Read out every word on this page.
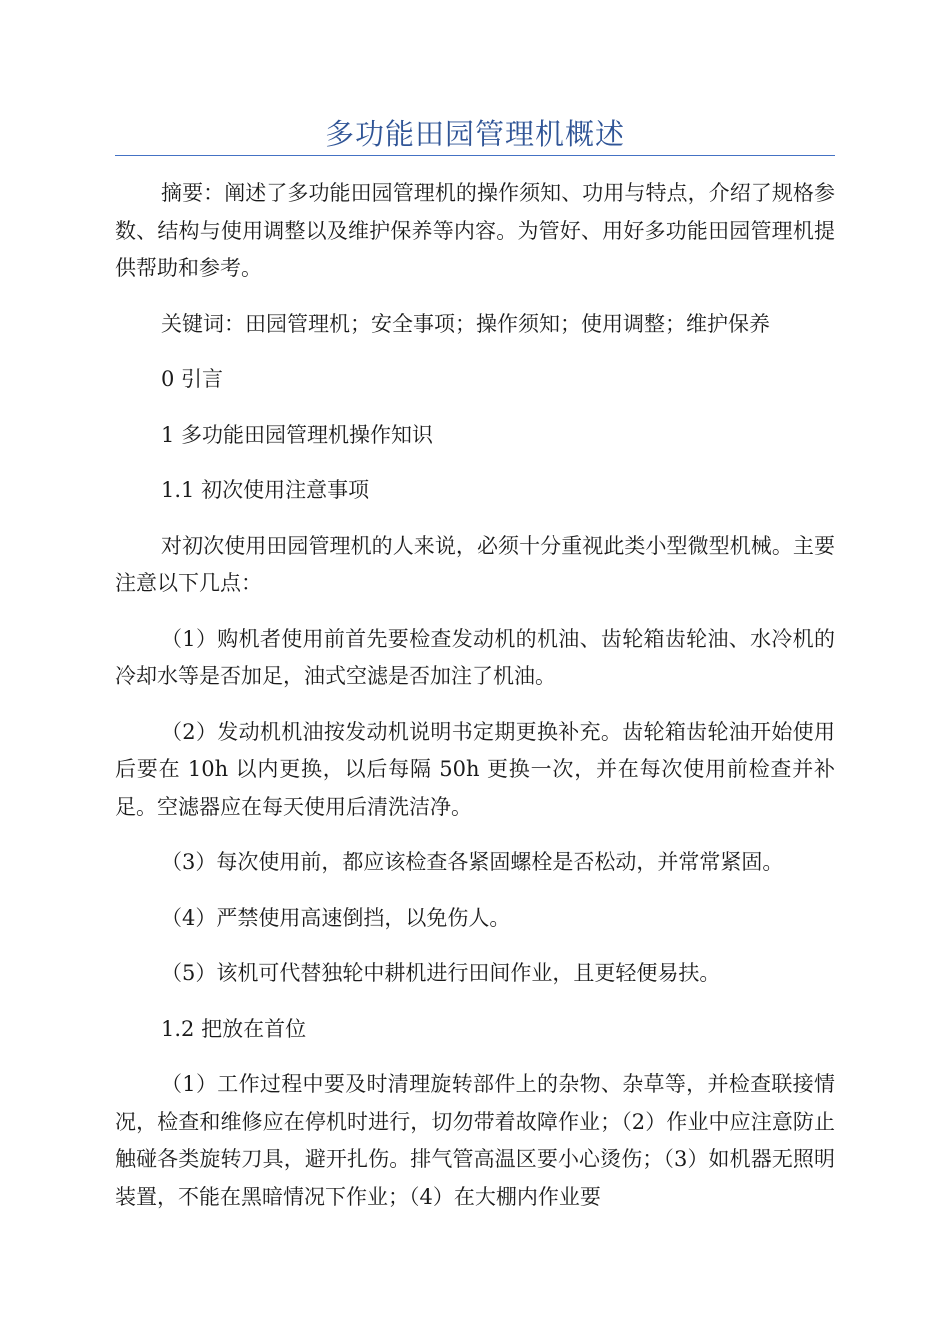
多功能田园管理机概述

摘要：阐述了多功能田园管理机的操作须知、功用与特点，介绍了规格参数、结构与使用调整以及维护保养等内容。为管好、用好多功能田园管理机提供帮助和参考。

关键词：田园管理机；安全事项；操作须知；使用调整；维护保养

0 引言

1 多功能田园管理机操作知识

1.1 初次使用注意事项

对初次使用田园管理机的人来说，必须十分重视此类小型微型机械。主要注意以下几点：

（1）购机者使用前首先要检查发动机的机油、齿轮箱齿轮油、水冷机的冷却水等是否加足，油式空滤是否加注了机油。

（2）发动机机油按发动机说明书定期更换补充。齿轮箱齿轮油开始使用后要在 10h 以内更换，以后每隔 50h 更换一次，并在每次使用前检查并补足。空滤器应在每天使用后清洗洁净。

（3）每次使用前，都应该检查各紧固螺栓是否松动，并常常紧固。

（4）严禁使用高速倒挡，以免伤人。

（5）该机可代替独轮中耕机进行田间作业，且更轻便易扶。

1.2 把放在首位

（1）工作过程中要及时清理旋转部件上的杂物、杂草等，并检查联接情况，检查和维修应在停机时进行，切勿带着故障作业；（2）作业中应注意防止触碰各类旋转刀具，避开扎伤。排气管高温区要小心烫伤；（3）如机器无照明装置，不能在黑暗情况下作业；（4）在大棚内作业要
